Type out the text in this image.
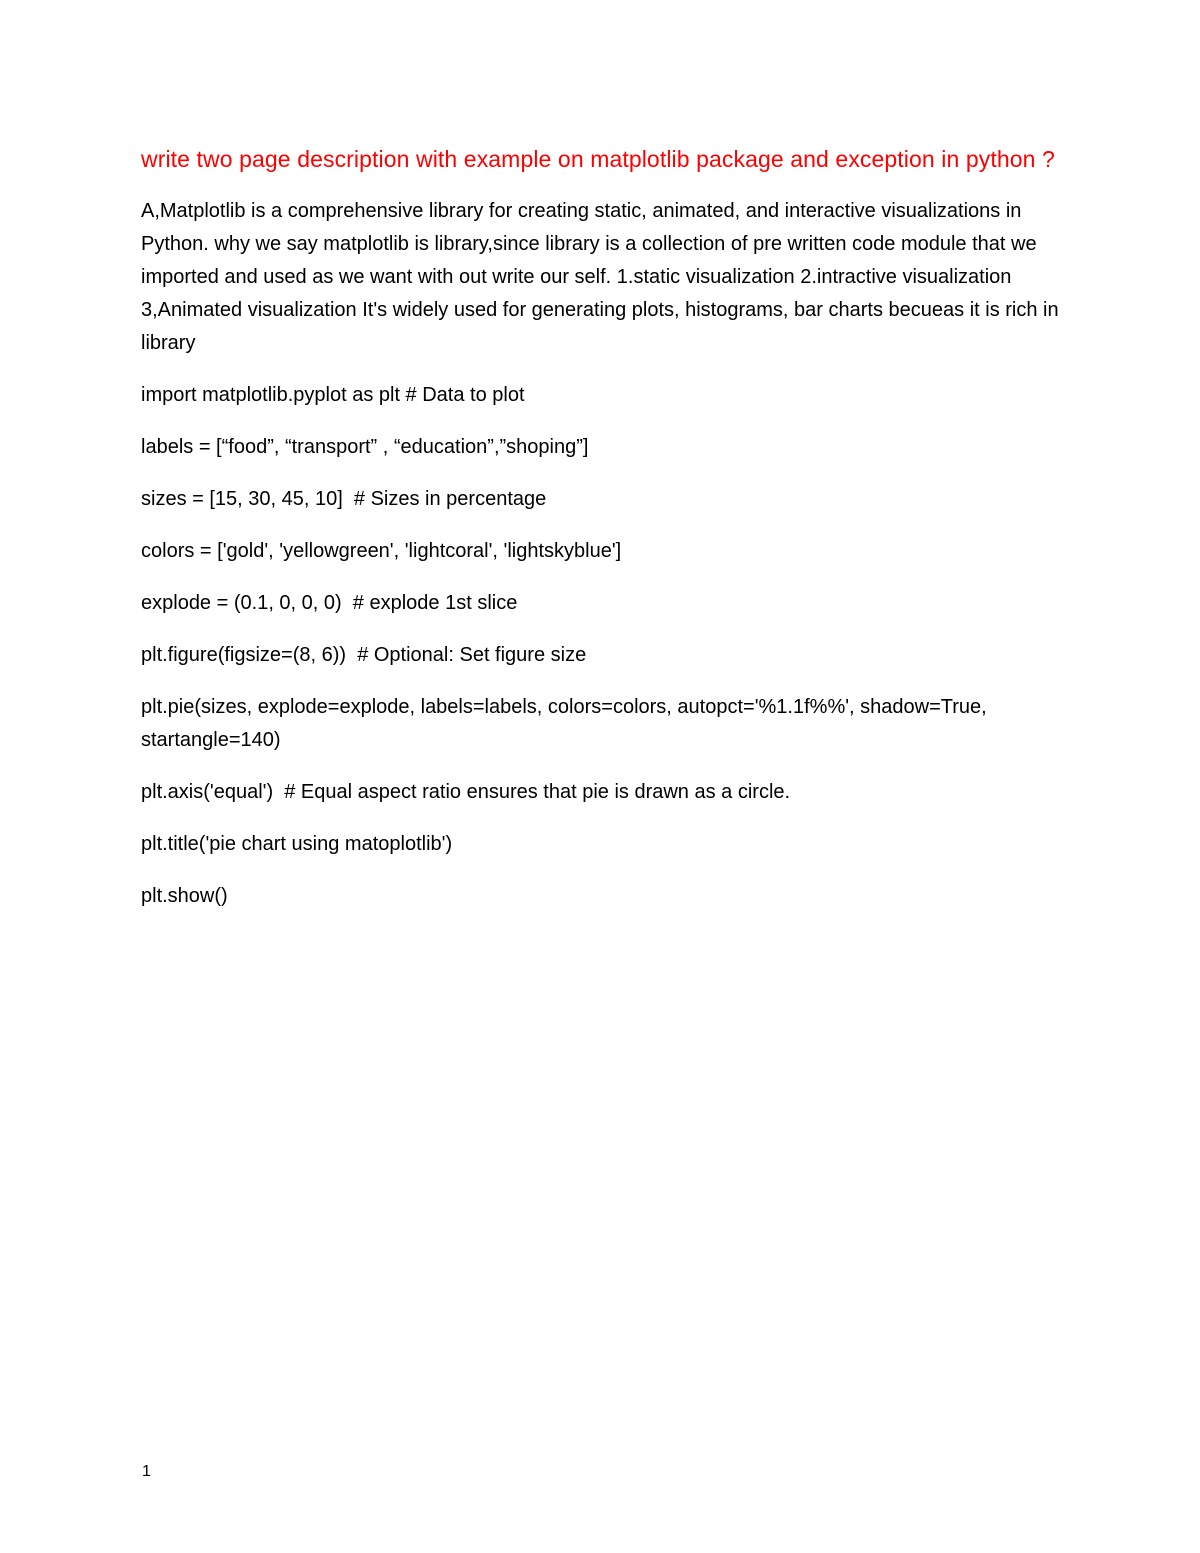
write two page description with example on matplotlib package and exception in python ?

A,Matplotlib is a comprehensive library for creating static, animated, and interactive visualizations in Python. why we say matplotlib is library,since library is a collection of pre written code module that we imported and used as we want with out write our self. 1.static visualization 2.intractive visualization 3,Animated visualization It's widely used for generating plots, histograms, bar charts becueas it is rich in library

import matplotlib.pyplot as plt # Data to plot

labels = [“food”, “transport” , “education”,”shoping”]

sizes = [15, 30, 45, 10]  # Sizes in percentage

colors = ['gold', 'yellowgreen', 'lightcoral', 'lightskyblue']

explode = (0.1, 0, 0, 0)  # explode 1st slice

plt.figure(figsize=(8, 6))  # Optional: Set figure size

plt.pie(sizes, explode=explode, labels=labels, colors=colors, autopct='%1.1f%%', shadow=True, startangle=140)

plt.axis('equal')  # Equal aspect ratio ensures that pie is drawn as a circle.

plt.title('pie chart using matoplotlib')

plt.show()

1
